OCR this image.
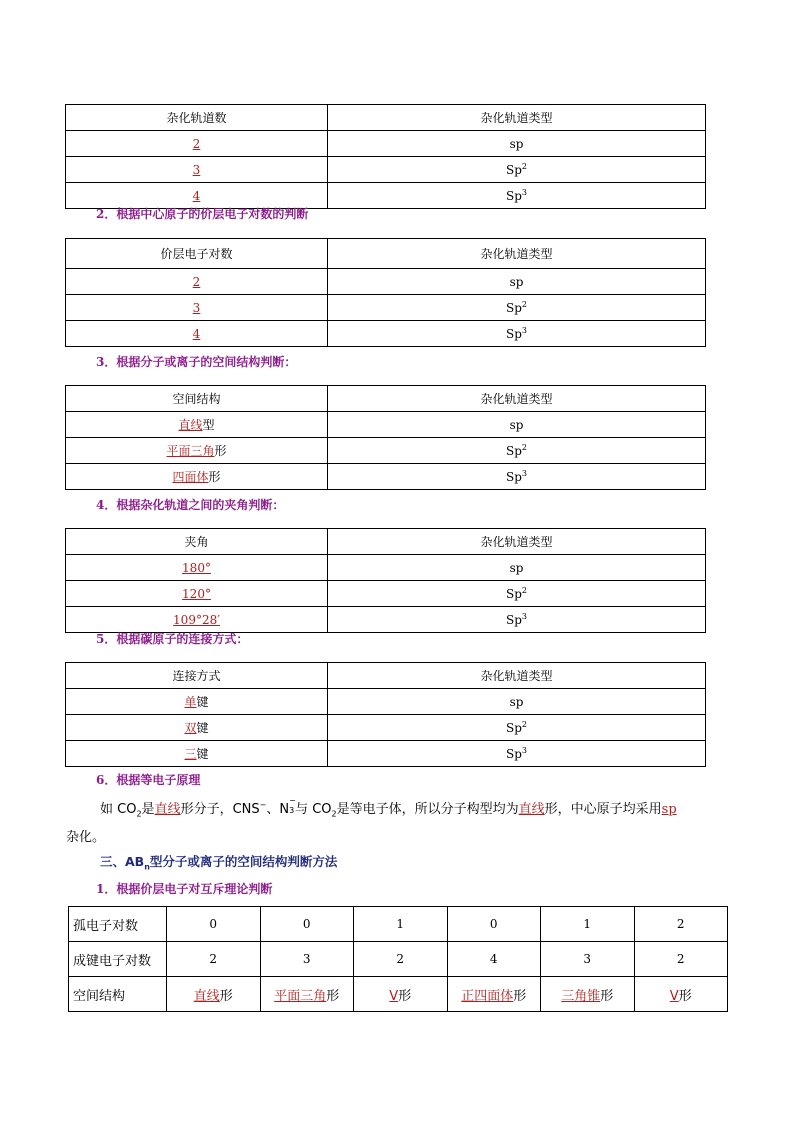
杂化轨道数	杂化轨道类型
2	sp
3	Sp$^2$
4	Sp$^3$
2．根据中心原子的价层电子对数的判断
价层电子对数	杂化轨道类型
2	sp
3	Sp$^2$
4	Sp$^3$
3．根据分子或离子的空间结构判断：
空间结构	杂化轨道类型
直线型	sp
平面三角形	Sp$^2$
四面体形	Sp$^3$
4．根据杂化轨道之间的夹角判断：
夹角	杂化轨道类型
180°	sp
120°	Sp$^2$
109°28′	Sp$^3$
5．根据碳原子的连接方式：
连接方式	杂化轨道类型
单键	sp
双键	Sp$^2$
三键	Sp$^3$
6．根据等电子原理
如 $CO_2$是直线形分子，CNS−、N
−
3 与 $CO_2$是等电子体，所以分子构型均为直线形，中心原子均采用sp
杂化。
三、$AB_n$型分子或离子的空间结构判断方法
1．根据价层电子对互斥理论判断
孤电子对数	0	0	1	0	1	2
成键电子对数	2	3	2	4	3	2
空间结构	直线形	平面三角形	V形	正四面体形	三角锥形	V形
